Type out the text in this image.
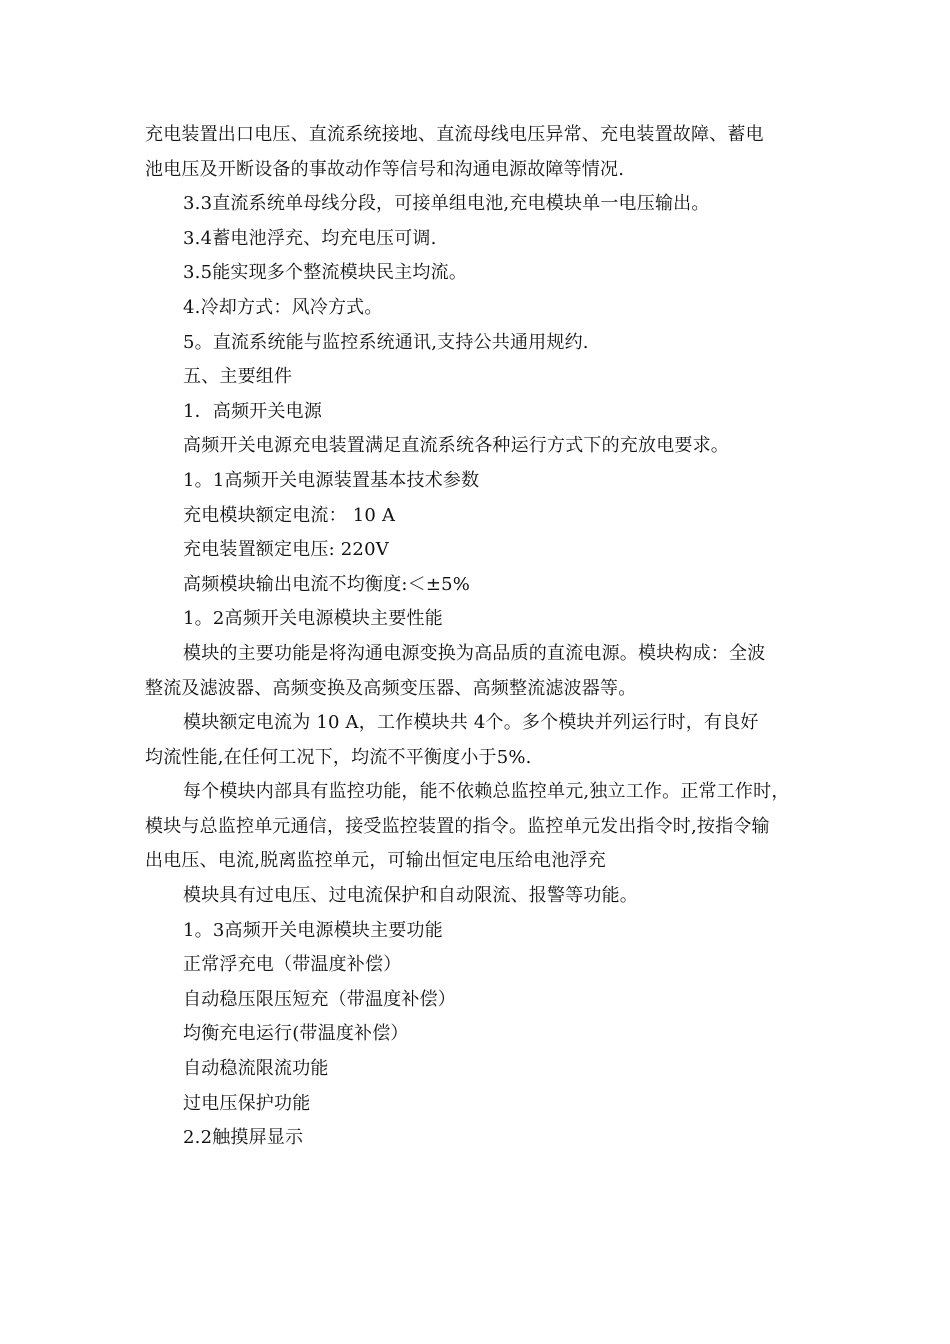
充电装置出口电压、直流系统接地、直流母线电压异常、充电装置故障、蓄电
池电压及开断设备的事故动作等信号和沟通电源故障等情况.
3.3直流系统单母线分段，可接单组电池,充电模块单一电压输出。
3.4蓄电池浮充、均充电压可调.
3.5能实现多个整流模块民主均流。
4.冷却方式：风冷方式。
5。直流系统能与监控系统通讯,支持公共通用规约.
五、主要组件
1．高频开关电源
高频开关电源充电装置满足直流系统各种运行方式下的充放电要求。
1。1高频开关电源装置基本技术参数
充电模块额定电流： 10 A
充电装置额定电压: 220V
高频模块输出电流不均衡度:＜±5%
1。2高频开关电源模块主要性能
模块的主要功能是将沟通电源变换为高品质的直流电源。模块构成：全波
整流及滤波器、高频变换及高频变压器、高频整流滤波器等。
模块额定电流为 10 A，工作模块共 4个。多个模块并列运行时，有良好
均流性能,在任何工况下，均流不平衡度小于5%.
每个模块内部具有监控功能，能不依赖总监控单元,独立工作。正常工作时，
模块与总监控单元通信，接受监控装置的指令。监控单元发出指令时,按指令输
出电压、电流,脱离监控单元，可输出恒定电压给电池浮充
模块具有过电压、过电流保护和自动限流、报警等功能。
1。3高频开关电源模块主要功能
正常浮充电（带温度补偿）
自动稳压限压短充（带温度补偿）
均衡充电运行(带温度补偿）
自动稳流限流功能
过电压保护功能
2.2触摸屏显示
